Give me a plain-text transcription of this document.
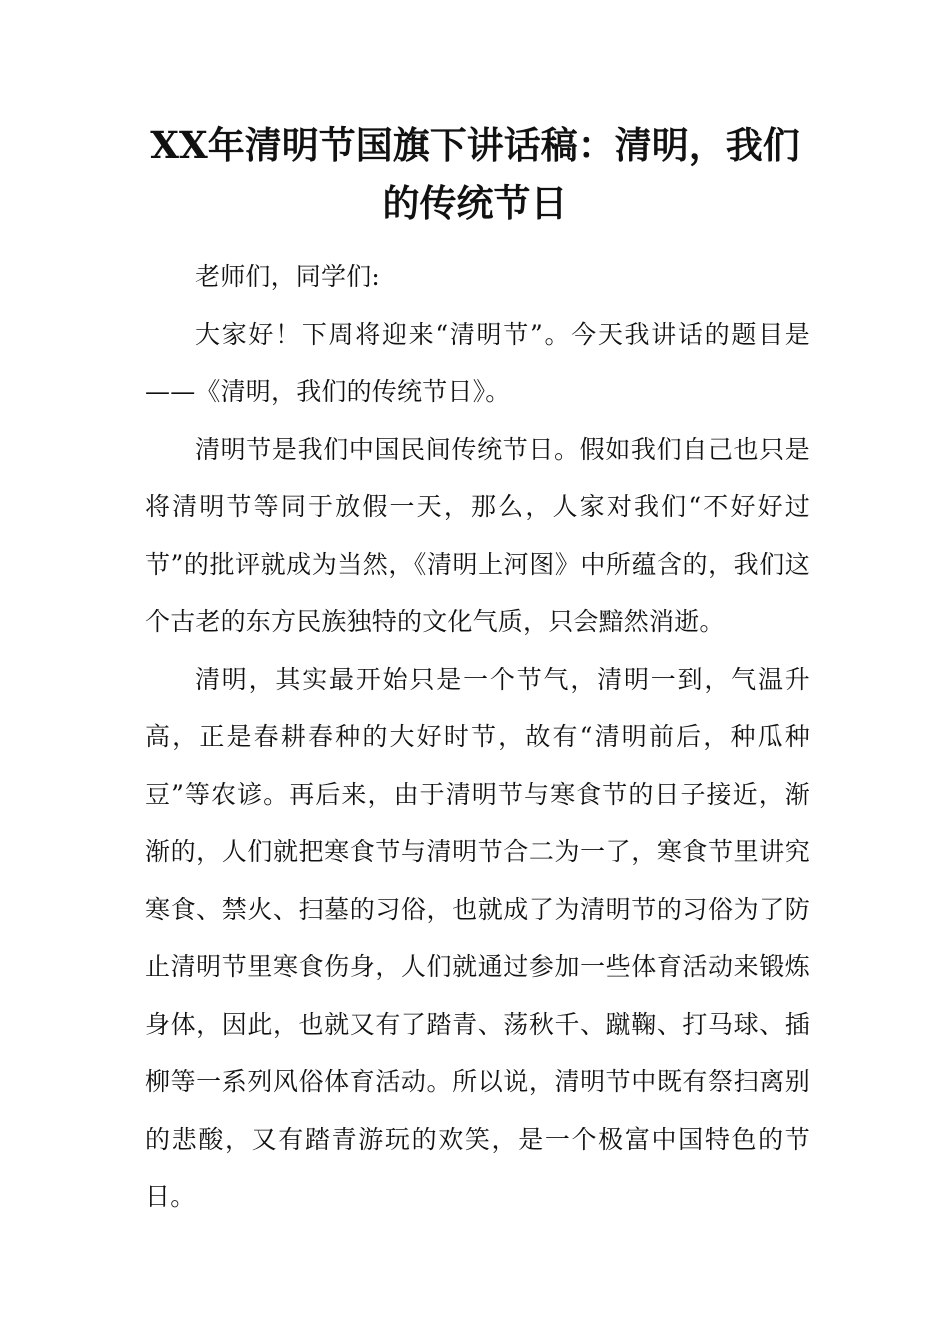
XX年清明节国旗下讲话稿：清明，我们的传统节日

老师们，同学们:

大家好！下周将迎来“清明节”。今天我讲话的题目是——《清明，我们的传统节日》。

清明节是我们中国民间传统节日。假如我们自己也只是将清明节等同于放假一天，那么，人家对我们“不好好过节”的批评就成为当然，《清明上河图》中所蕴含的，我们这个古老的东方民族独特的文化气质，只会黯然消逝。

清明，其实最开始只是一个节气，清明一到，气温升高，正是春耕春种的大好时节，故有“清明前后，种瓜种豆”等农谚。再后来，由于清明节与寒食节的日子接近，渐渐的，人们就把寒食节与清明节合二为一了，寒食节里讲究寒食、禁火、扫墓的习俗，也就成了为清明节的习俗为了防止清明节里寒食伤身，人们就通过参加一些体育活动来锻炼身体，因此，也就又有了踏青、荡秋千、蹴鞠、打马球、插柳等一系列风俗体育活动。所以说，清明节中既有祭扫离别的悲酸，又有踏青游玩的欢笑，是一个极富中国特色的节日。
